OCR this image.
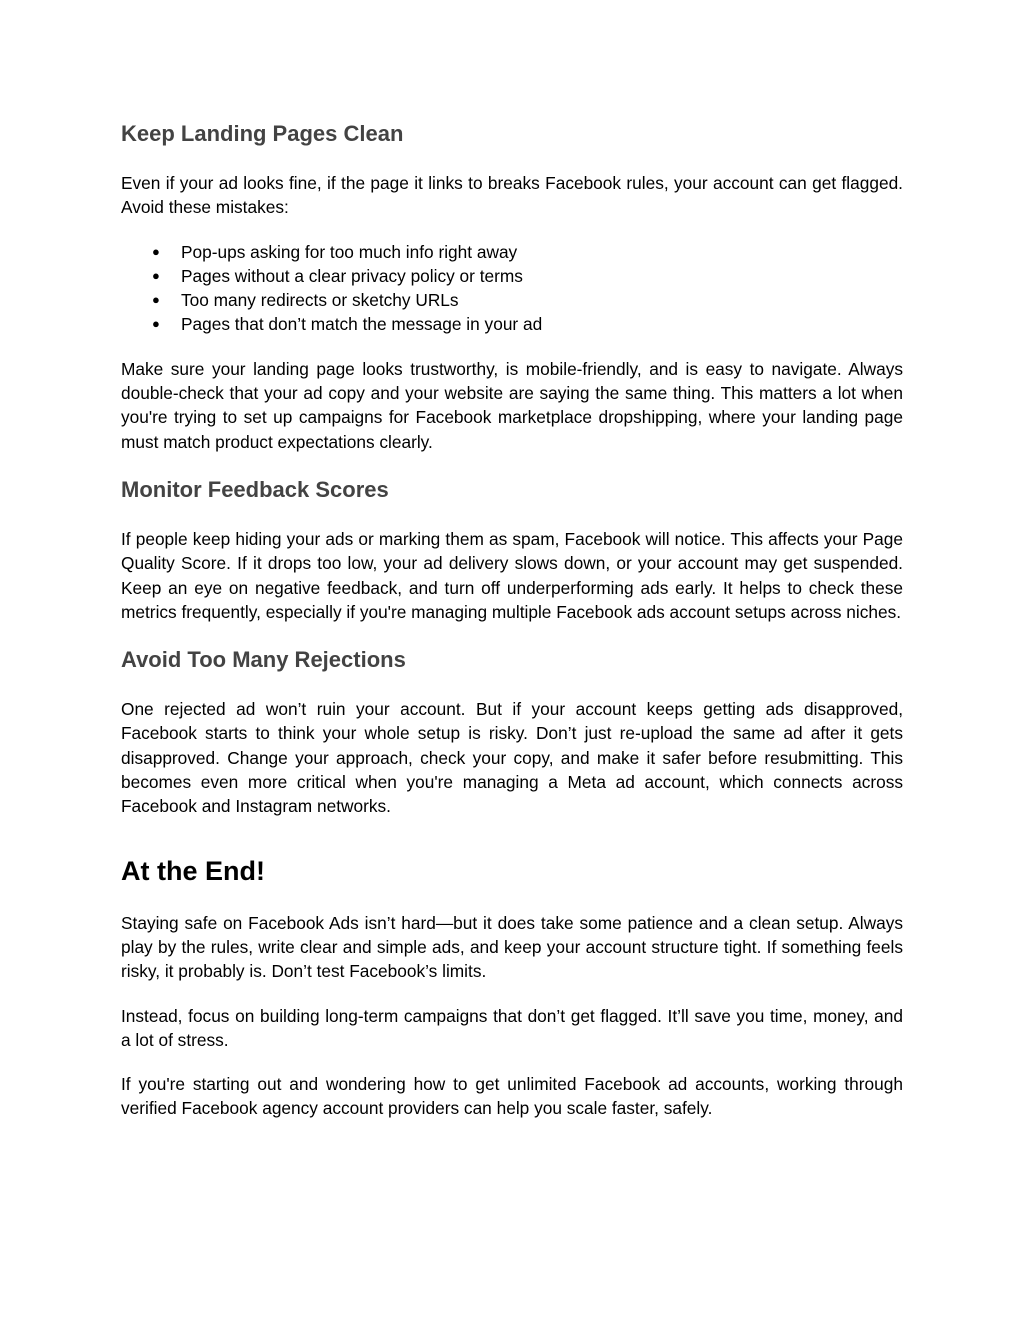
Keep Landing Pages Clean

Even if your ad looks fine, if the page it links to breaks Facebook rules, your account can get flagged. Avoid these mistakes:

● Pop-ups asking for too much info right away
● Pages without a clear privacy policy or terms
● Too many redirects or sketchy URLs
● Pages that don’t match the message in your ad

Make sure your landing page looks trustworthy, is mobile-friendly, and is easy to navigate. Always double-check that your ad copy and your website are saying the same thing. This matters a lot when you're trying to set up campaigns for Facebook marketplace dropshipping, where your landing page must match product expectations clearly.

Monitor Feedback Scores

If people keep hiding your ads or marking them as spam, Facebook will notice. This affects your Page Quality Score. If it drops too low, your ad delivery slows down, or your account may get suspended. Keep an eye on negative feedback, and turn off underperforming ads early. It helps to check these metrics frequently, especially if you're managing multiple Facebook ads account setups across niches.

Avoid Too Many Rejections

One rejected ad won’t ruin your account. But if your account keeps getting ads disapproved, Facebook starts to think your whole setup is risky. Don’t just re-upload the same ad after it gets disapproved. Change your approach, check your copy, and make it safer before resubmitting. This becomes even more critical when you're managing a Meta ad account, which connects across Facebook and Instagram networks.

At the End!

Staying safe on Facebook Ads isn’t hard—but it does take some patience and a clean setup. Always play by the rules, write clear and simple ads, and keep your account structure tight. If something feels risky, it probably is. Don’t test Facebook’s limits.

Instead, focus on building long-term campaigns that don’t get flagged. It’ll save you time, money, and a lot of stress.

If you're starting out and wondering how to get unlimited Facebook ad accounts, working through verified Facebook agency account providers can help you scale faster, safely.
